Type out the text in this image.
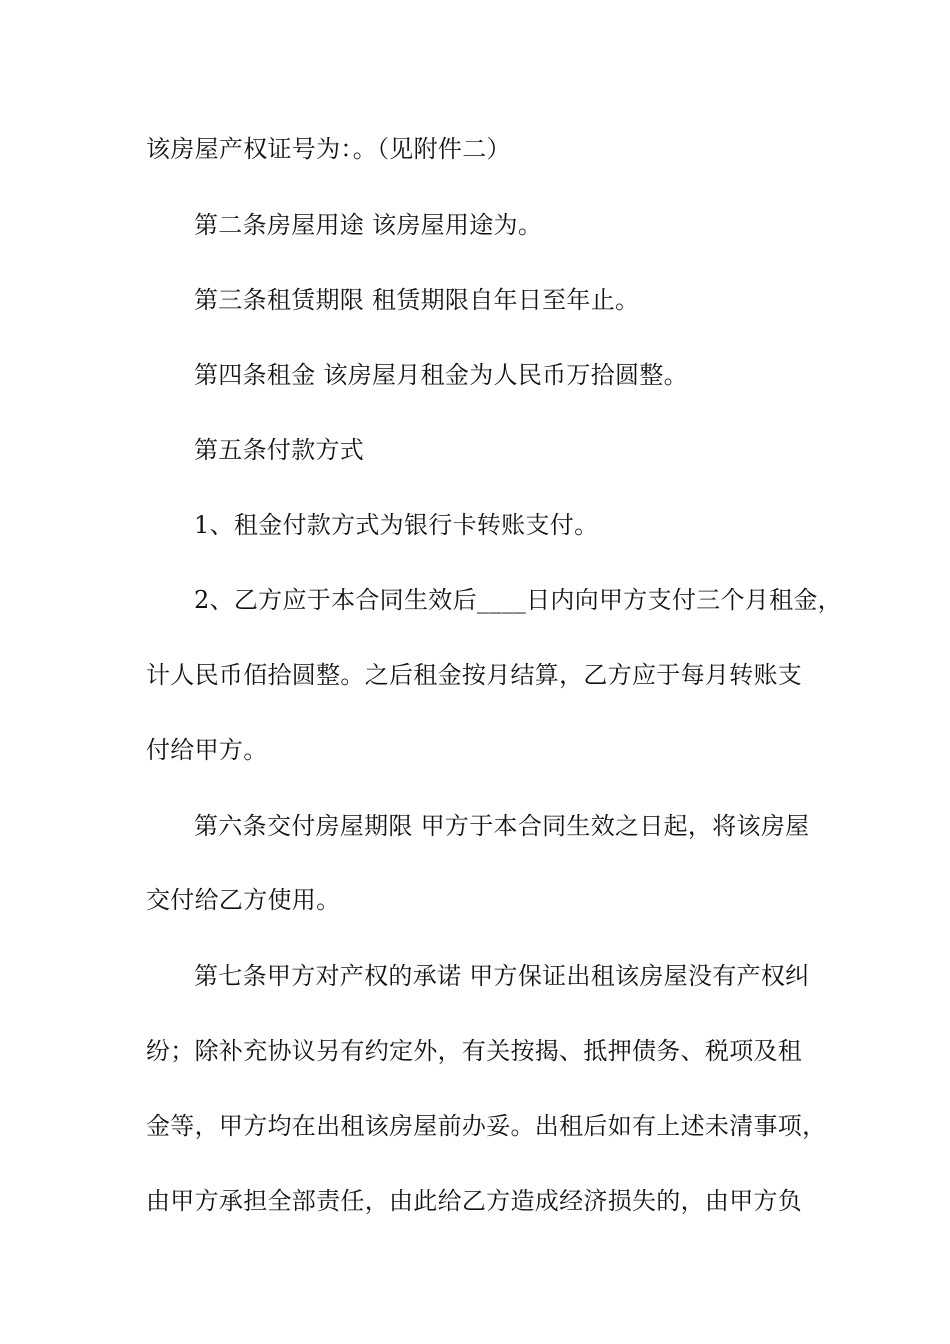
该房屋产权证号为：。（见附件二）
第二条房屋用途 该房屋用途为。
第三条租赁期限 租赁期限自年日至年止。
第四条租金 该房屋月租金为人民币万拾圆整。
第五条付款方式
1、租金付款方式为银行卡转账支付。
2、乙方应于本合同生效后____日内向甲方支付三个月租金，
计人民币佰拾圆整。之后租金按月结算，乙方应于每月转账支
付给甲方。
第六条交付房屋期限 甲方于本合同生效之日起，将该房屋
交付给乙方使用。
第七条甲方对产权的承诺 甲方保证出租该房屋没有产权纠
纷；除补充协议另有约定外，有关按揭、抵押债务、税项及租
金等，甲方均在出租该房屋前办妥。出租后如有上述未清事项，
由甲方承担全部责任，由此给乙方造成经济损失的，由甲方负
